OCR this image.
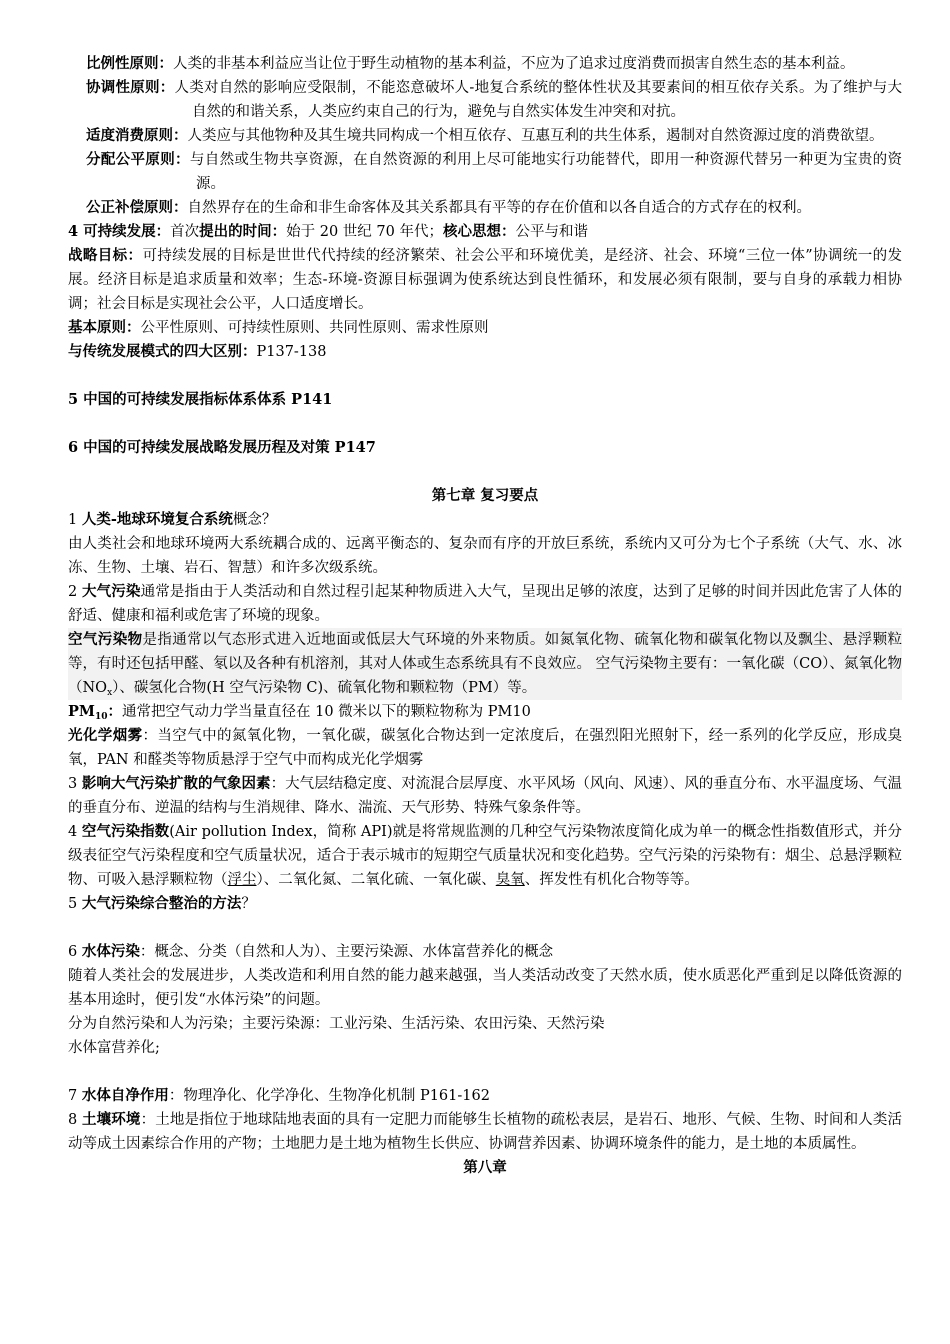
比例性原则：人类的非基本利益应当让位于野生动植物的基本利益，不应为了追求过度消费而损害自然生态的基本利益。

协调性原则：人类对自然的影响应受限制，不能恣意破坏人-地复合系统的整体性状及其要素间的相互依存关系。为了维护与大自然的和谐关系，人类应约束自己的行为，避免与自然实体发生冲突和对抗。

适度消费原则：人类应与其他物种及其生境共同构成一个相互依存、互惠互利的共生体系，遏制对自然资源过度的消费欲望。

分配公平原则：与自然或生物共享资源，在自然资源的利用上尽可能地实行功能替代，即用一种资源代替另一种更为宝贵的资源。

公正补偿原则：自然界存在的生命和非生命客体及其关系都具有平等的存在价值和以各自适合的方式存在的权利。

4 可持续发展：首次提出的时间：始于 20 世纪 70 年代；核心思想：公平与和谐

战略目标：可持续发展的目标是世世代代持续的经济繁荣、社会公平和环境优美，是经济、社会、环境“三位一体”协调统一的发展。经济目标是追求质量和效率；生态-环境-资源目标强调为使系统达到良性循环，和发展必须有限制，要与自身的承载力相协调；社会目标是实现社会公平，人口适度增长。

基本原则：公平性原则、可持续性原则、共同性原则、需求性原则

与传统发展模式的四大区别：P137-138

5 中国的可持续发展指标体系体系 P141

6 中国的可持续发展战略发展历程及对策 P147

第七章 复习要点

1 人类-地球环境复合系统概念？

由人类社会和地球环境两大系统耦合成的、远离平衡态的、复杂而有序的开放巨系统，系统内又可分为七个子系统（大气、水、冰冻、生物、土壤、岩石、智慧）和许多次级系统。

2 大气污染通常是指由于人类活动和自然过程引起某种物质进入大气，呈现出足够的浓度，达到了足够的时间并因此危害了人体的舒适、健康和福利或危害了环境的现象。

空气污染物是指通常以气态形式进入近地面或低层大气环境的外来物质。如氮氧化物、硫氧化物和碳氧化物以及飘尘、悬浮颗粒等，有时还包括甲醛、氡以及各种有机溶剂，其对人体或生态系统具有不良效应。 空气污染物主要有：一氧化碳（CO）、氮氧化物$(NO_x)$、碳氢化合物(H 空气污染物 C)、硫氧化物和颗粒物（PM）等。

$PM_{10}$：通常把空气动力学当量直径在 10 微米以下的颗粒物称为 PM10

光化学烟雾：当空气中的氮氧化物，一氧化碳，碳氢化合物达到一定浓度后，在强烈阳光照射下，经一系列的化学反应，形成臭氧，PAN 和醛类等物质悬浮于空气中而构成光化学烟雾

3 影响大气污染扩散的气象因素：大气层结稳定度、对流混合层厚度、水平风场（风向、风速）、风的垂直分布、水平温度场、气温的垂直分布、逆温的结构与生消规律、降水、湍流、天气形势、特殊气象条件等。

4 空气污染指数(Air pollution Index，简称 API)就是将常规监测的几种空气污染物浓度简化成为单一的概念性指数值形式，并分级表征空气污染程度和空气质量状况，适合于表示城市的短期空气质量状况和变化趋势。空气污染的污染物有：烟尘、总悬浮颗粒物、可吸入悬浮颗粒物（浮尘）、二氧化氮、二氧化硫、一氧化碳、臭氧、挥发性有机化合物等等。

5 大气污染综合整治的方法？

6 水体污染：概念、分类（自然和人为）、主要污染源、水体富营养化的概念

随着人类社会的发展进步，人类改造和利用自然的能力越来越强，当人类活动改变了天然水质，使水质恶化严重到足以降低资源的基本用途时，便引发“水体污染”的问题。

分为自然污染和人为污染；主要污染源：工业污染、生活污染、农田污染、天然污染

水体富营养化;

7 水体自净作用：物理净化、化学净化、生物净化机制 P161-162

8 土壤环境：土地是指位于地球陆地表面的具有一定肥力而能够生长植物的疏松表层，是岩石、地形、气候、生物、时间和人类活动等成土因素综合作用的产物；土地肥力是土地为植物生长供应、协调营养因素、协调环境条件的能力，是土地的本质属性。

第八章
